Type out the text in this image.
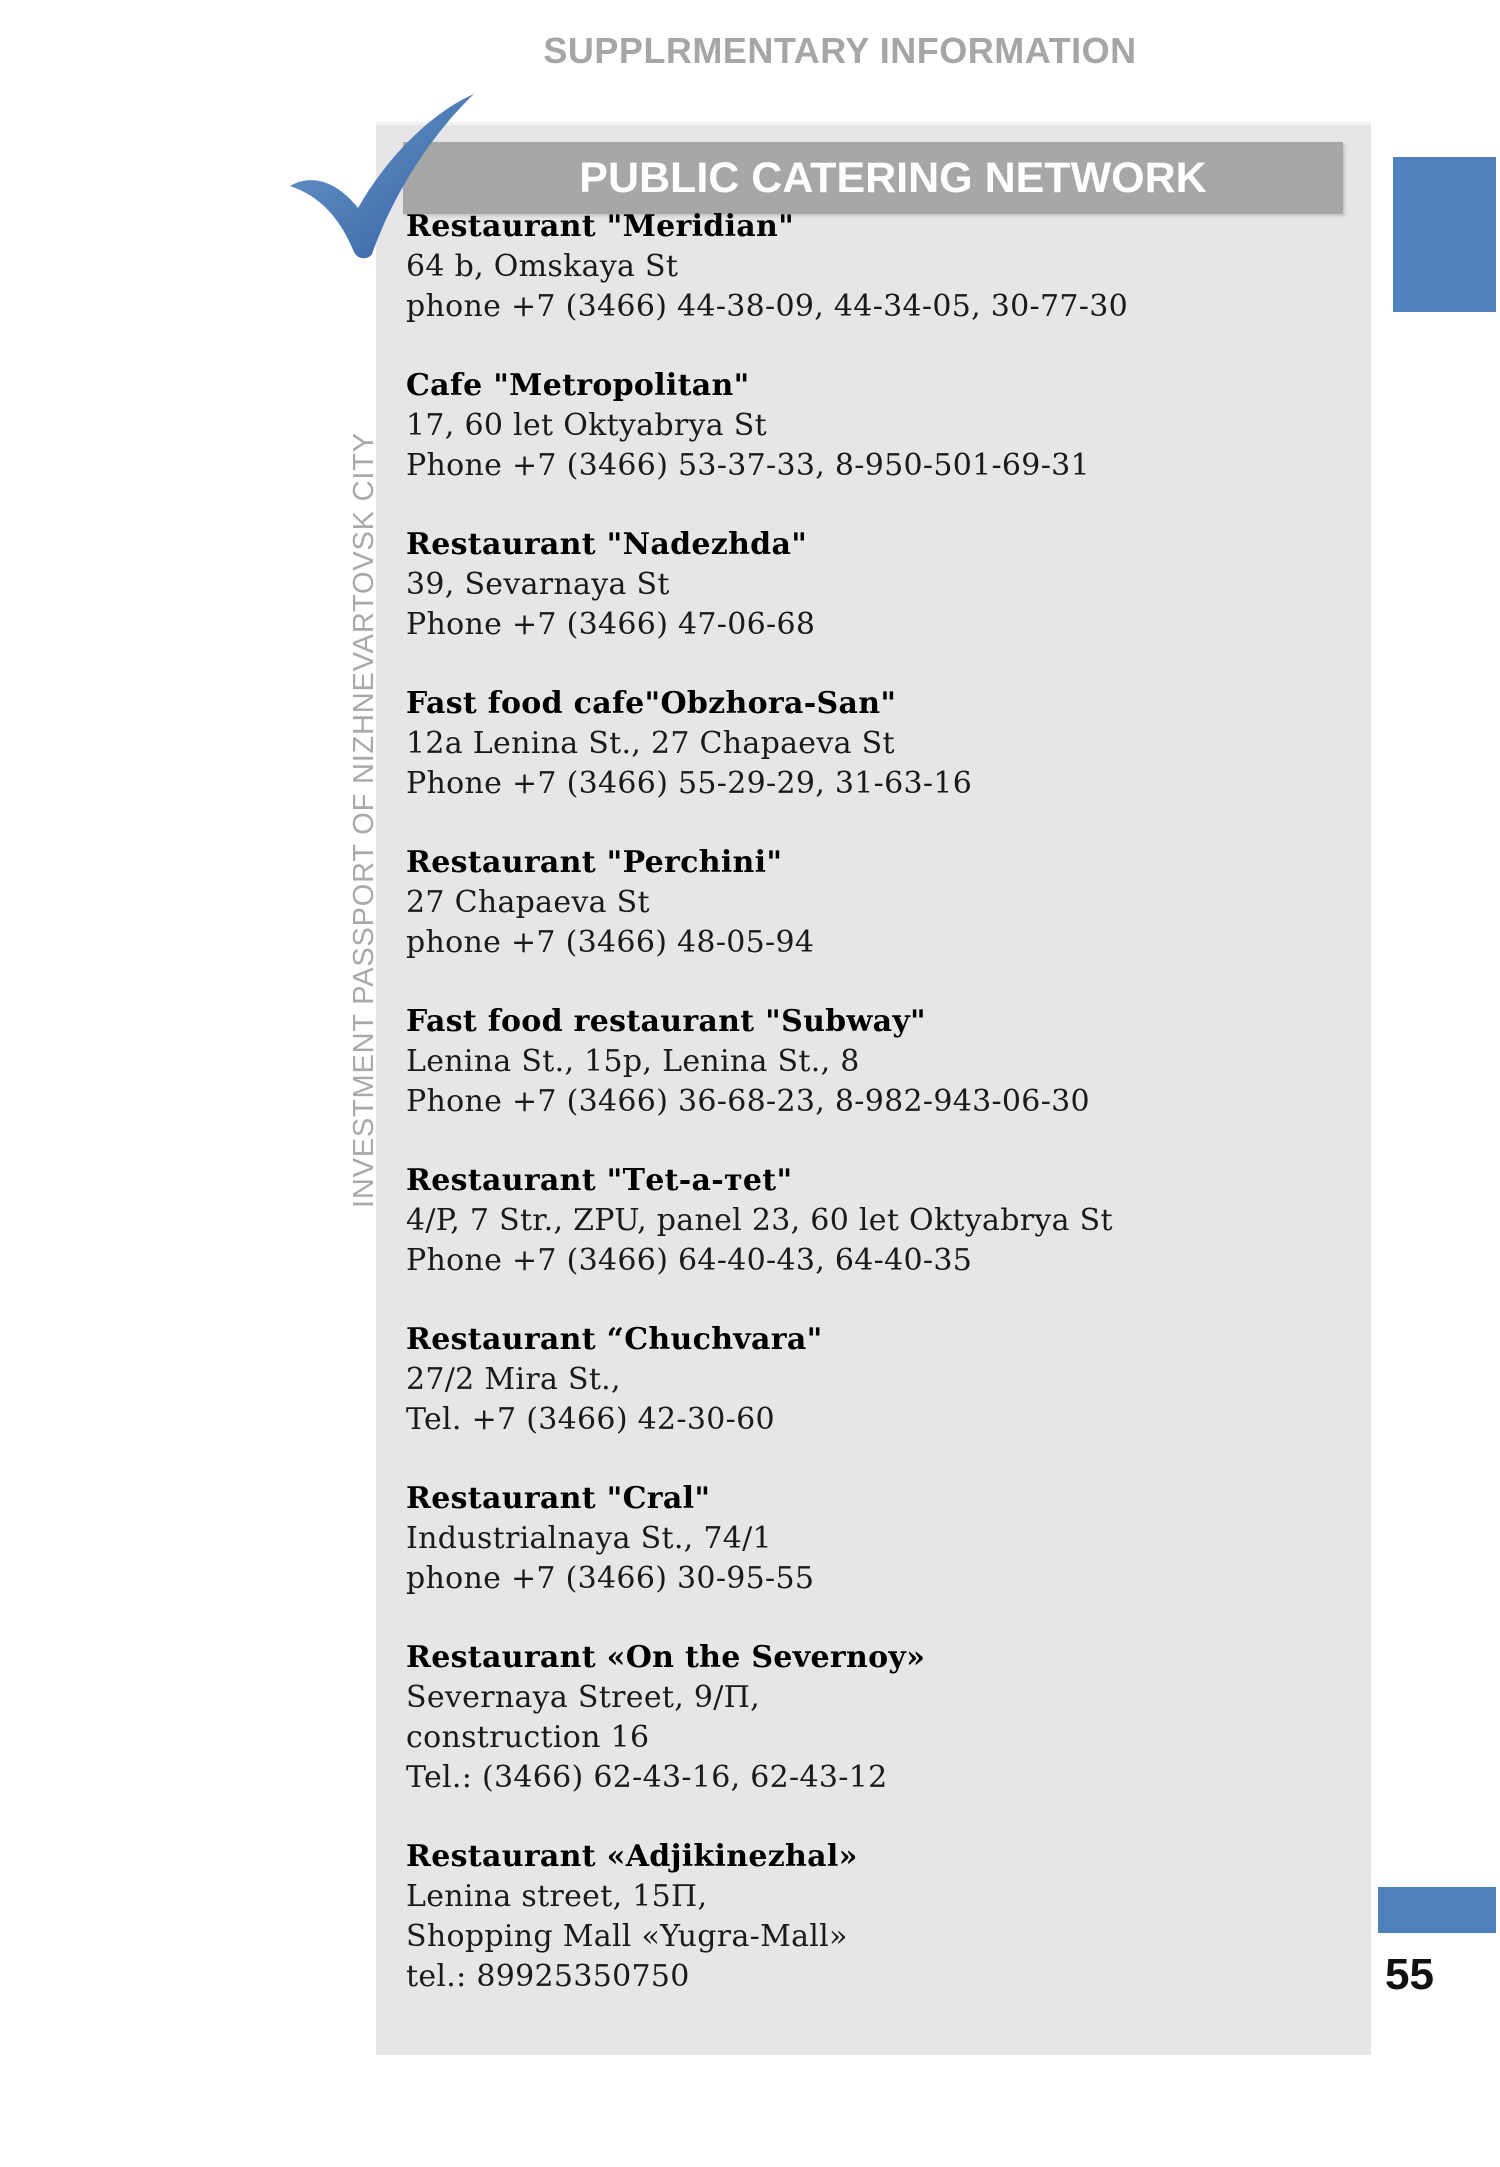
SUPPLRMENTARY INFORMATION
PUBLIC CATERING NETWORK
INVESTMENT PASSPORT OF NIZHNEVARTOVSK CITY
55
Restaurant "Meridian"
64 b, Omskaya St
phone +7 (3466) 44-38-09, 44-34-05, 30-77-30
Cafe "Metropolitan"
17, 60 let Oktyabrya St
Phone +7 (3466) 53-37-33, 8-950-501-69-31
Restaurant "Nadezhda"
39, Sevarnaya St
Phone +7 (3466) 47-06-68
Fast food cafe"Obzhora-San"
12a Lenina St., 27 Chapaeva St
Phone +7 (3466) 55-29-29, 31-63-16
Restaurant "Perchini"
27 Chapaeva St
phone +7 (3466) 48-05-94
Fast food restaurant "Subway"
Lenina St., 15p, Lenina St., 8
Phone +7 (3466) 36-68-23, 8-982-943-06-30
Restaurant "Тet-a-тet"
4/P, 7 Str., ZPU, panel 23, 60 let Oktyabrya St
Phone +7 (3466) 64-40-43, 64-40-35
Restaurant “Chuchvara"
27/2 Mira St.,
Tel. +7 (3466) 42-30-60
Restaurant "Cral"
Industrialnaya St., 74/1
phone +7 (3466) 30-95-55
Restaurant «On the Severnoy»
Severnaya Street, 9/П,
construction 16
Tel.: (3466) 62-43-16, 62-43-12
Restaurant «Adjikinezhal»
Lenina street, 15П,
Shopping Mall «Yugra-Mall»
tel.: 89925350750
